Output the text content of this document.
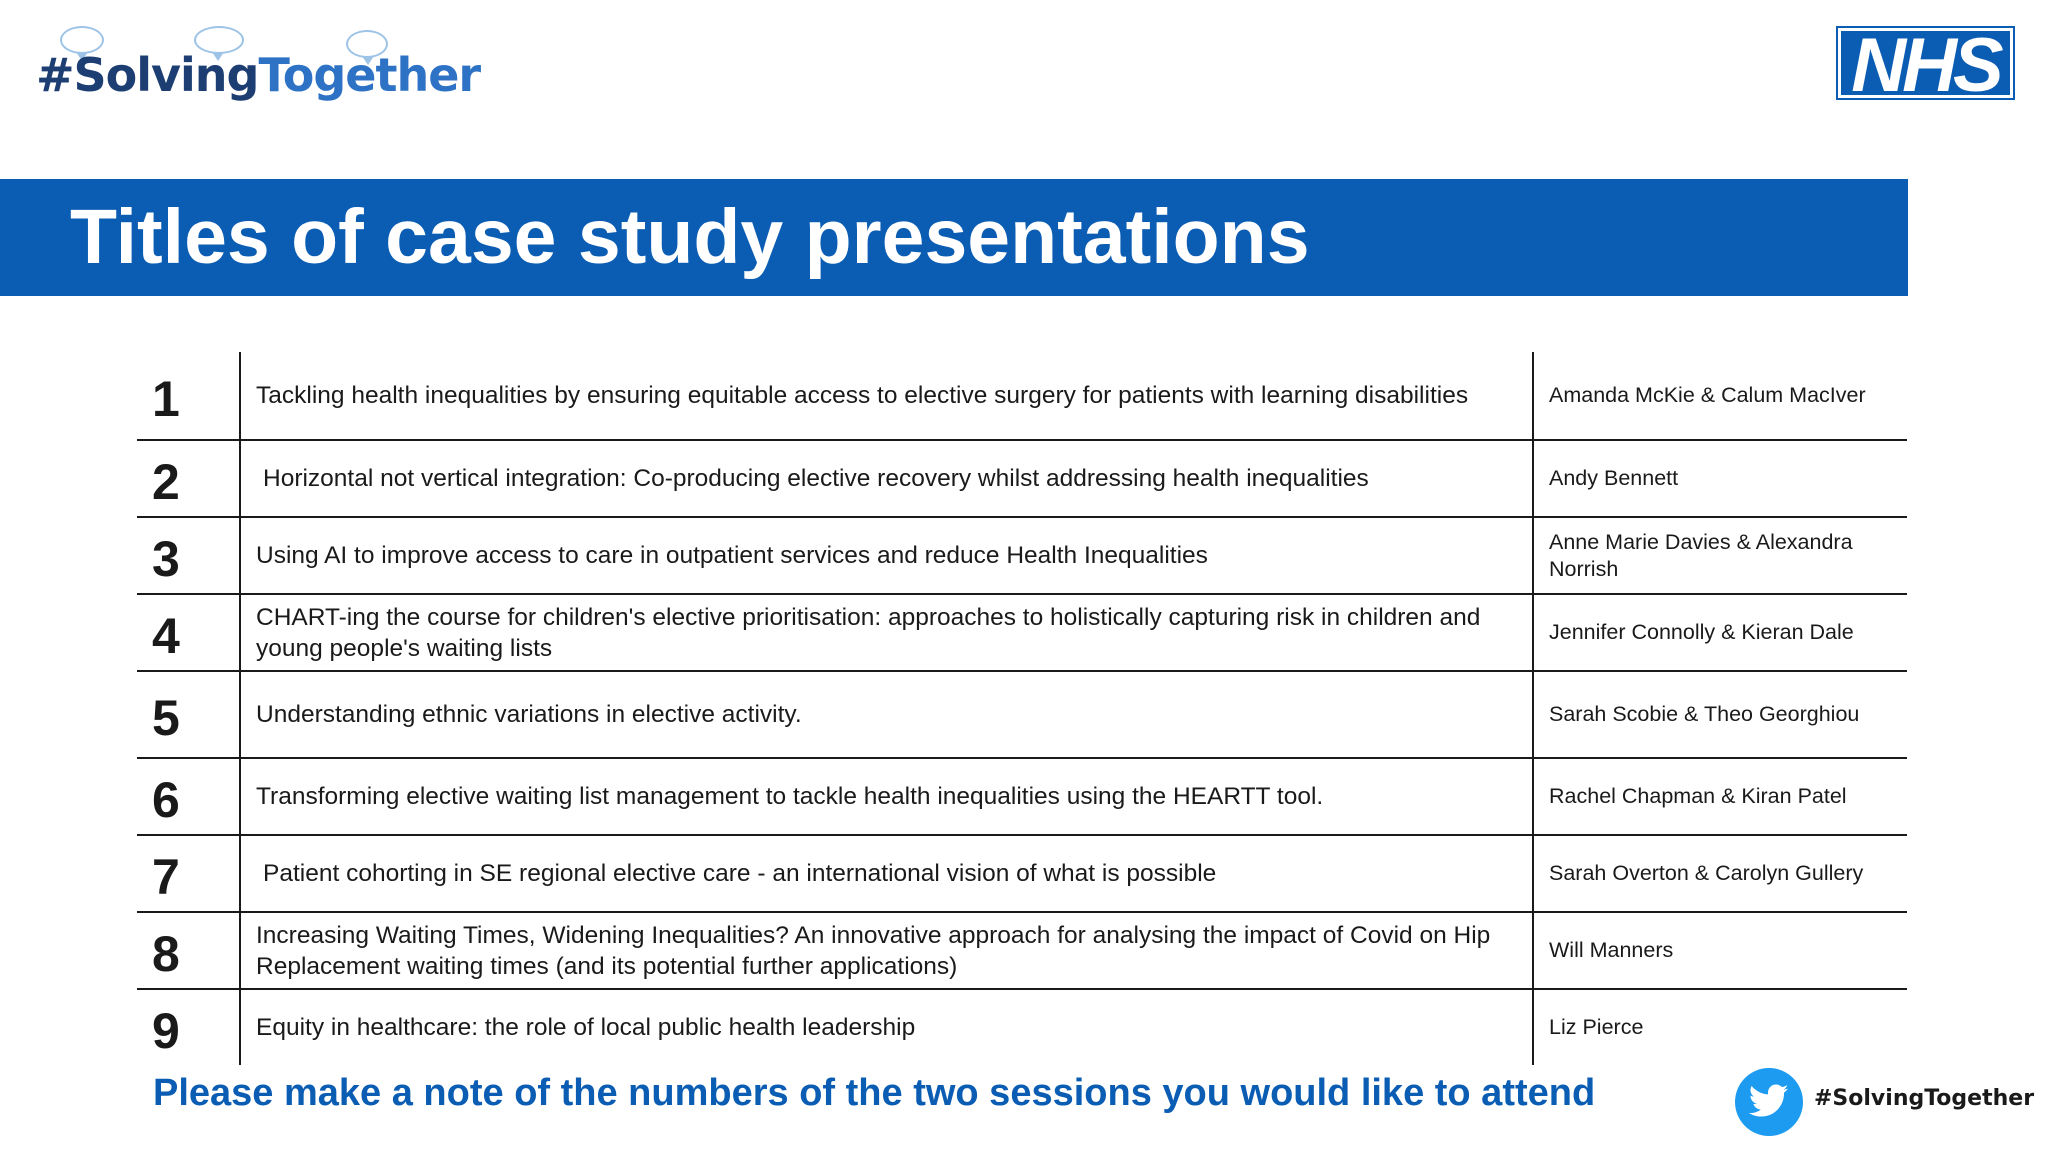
#SolvingTogether	NHS
Titles of case study presentations
1	Tackling health inequalities by ensuring equitable access to elective surgery for patients with learning disabilities	Amanda McKie & Calum MacIver
2	Horizontal not vertical integration: Co-producing elective recovery whilst addressing health inequalities	Andy Bennett
3	Using AI to improve access to care in outpatient services and reduce Health Inequalities	Anne Marie Davies & Alexandra Norrish
4	CHART-ing the course for children's elective prioritisation: approaches to holistically capturing risk in children and young people's waiting lists	Jennifer Connolly & Kieran Dale
5	Understanding ethnic variations in elective activity.	Sarah Scobie & Theo Georghiou
6	Transforming elective waiting list management to tackle health inequalities using the HEARTT tool.	Rachel Chapman & Kiran Patel
7	Patient cohorting in SE regional elective care - an international vision of what is possible	Sarah Overton & Carolyn Gullery
8	Increasing Waiting Times, Widening Inequalities? An innovative approach for analysing the impact of Covid on Hip Replacement waiting times (and its potential further applications)	Will Manners
9	Equity in healthcare: the role of local public health leadership	Liz Pierce
Please make a note of the numbers of the two sessions you would like to attend	#SolvingTogether
